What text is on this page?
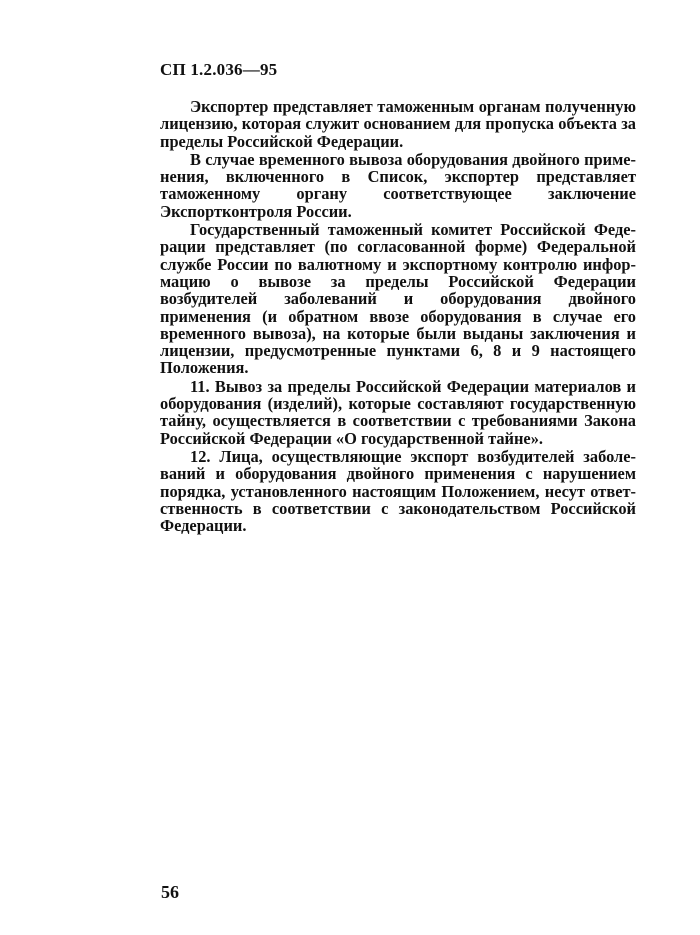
СП 1.2.036—95

Экспортер представляет таможенным органам полученную лицензию, которая служит основанием для пропуска объекта за пределы Российской Федерации.

В случае временного вывоза оборудования двойного применения, включенного в Список, экспортер представляет таможенному органу соответствующее заключение Экспортконтроля России.

Государственный таможенный комитет Российской Федерации представляет (по согласованной форме) Федеральной службе России по валютному и экспортному контролю информацию о вывозе за пределы Российской Федерации возбудителей заболеваний и оборудования двойного применения (и обратном ввозе оборудования в случае его временного вывоза), на которые были выданы заключения и лицензии, предусмотренные пунктами 6, 8 и 9 настоящего Положения.

11. Вывоз за пределы Российской Федерации материалов и оборудования (изделий), которые составляют государственную тайну, осуществляется в соответствии с требованиями Закона Российской Федерации «О государственной тайне».

12. Лица, осуществляющие экспорт возбудителей заболеваний и оборудования двойного применения с нарушением порядка, установленного настоящим Положением, несут ответственность в соответствии с законодательством Российской Федерации.

56
